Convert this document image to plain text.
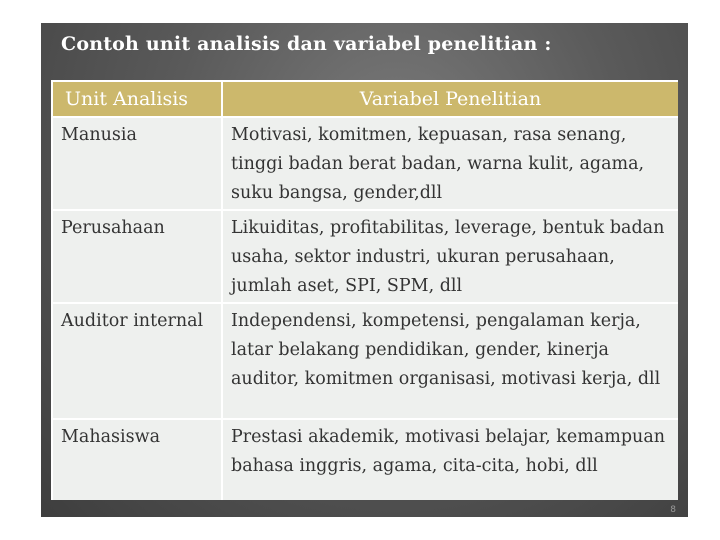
Contoh unit analisis dan variabel penelitian :
Unit Analisis	Variabel Penelitian
Manusia	Motivasi, komitmen, kepuasan, rasa senang, tinggi badan berat badan, warna kulit, agama, suku bangsa, gender,dll
Perusahaan	Likuiditas, profitabilitas, leverage, bentuk badan usaha, sektor industri, ukuran perusahaan, jumlah aset, SPI, SPM, dll
Auditor internal	Independensi, kompetensi, pengalaman kerja, latar belakang pendidikan, gender, kinerja auditor, komitmen organisasi, motivasi kerja, dll
Mahasiswa	Prestasi akademik, motivasi belajar, kemampuan bahasa inggris, agama, cita-cita, hobi, dll
8
